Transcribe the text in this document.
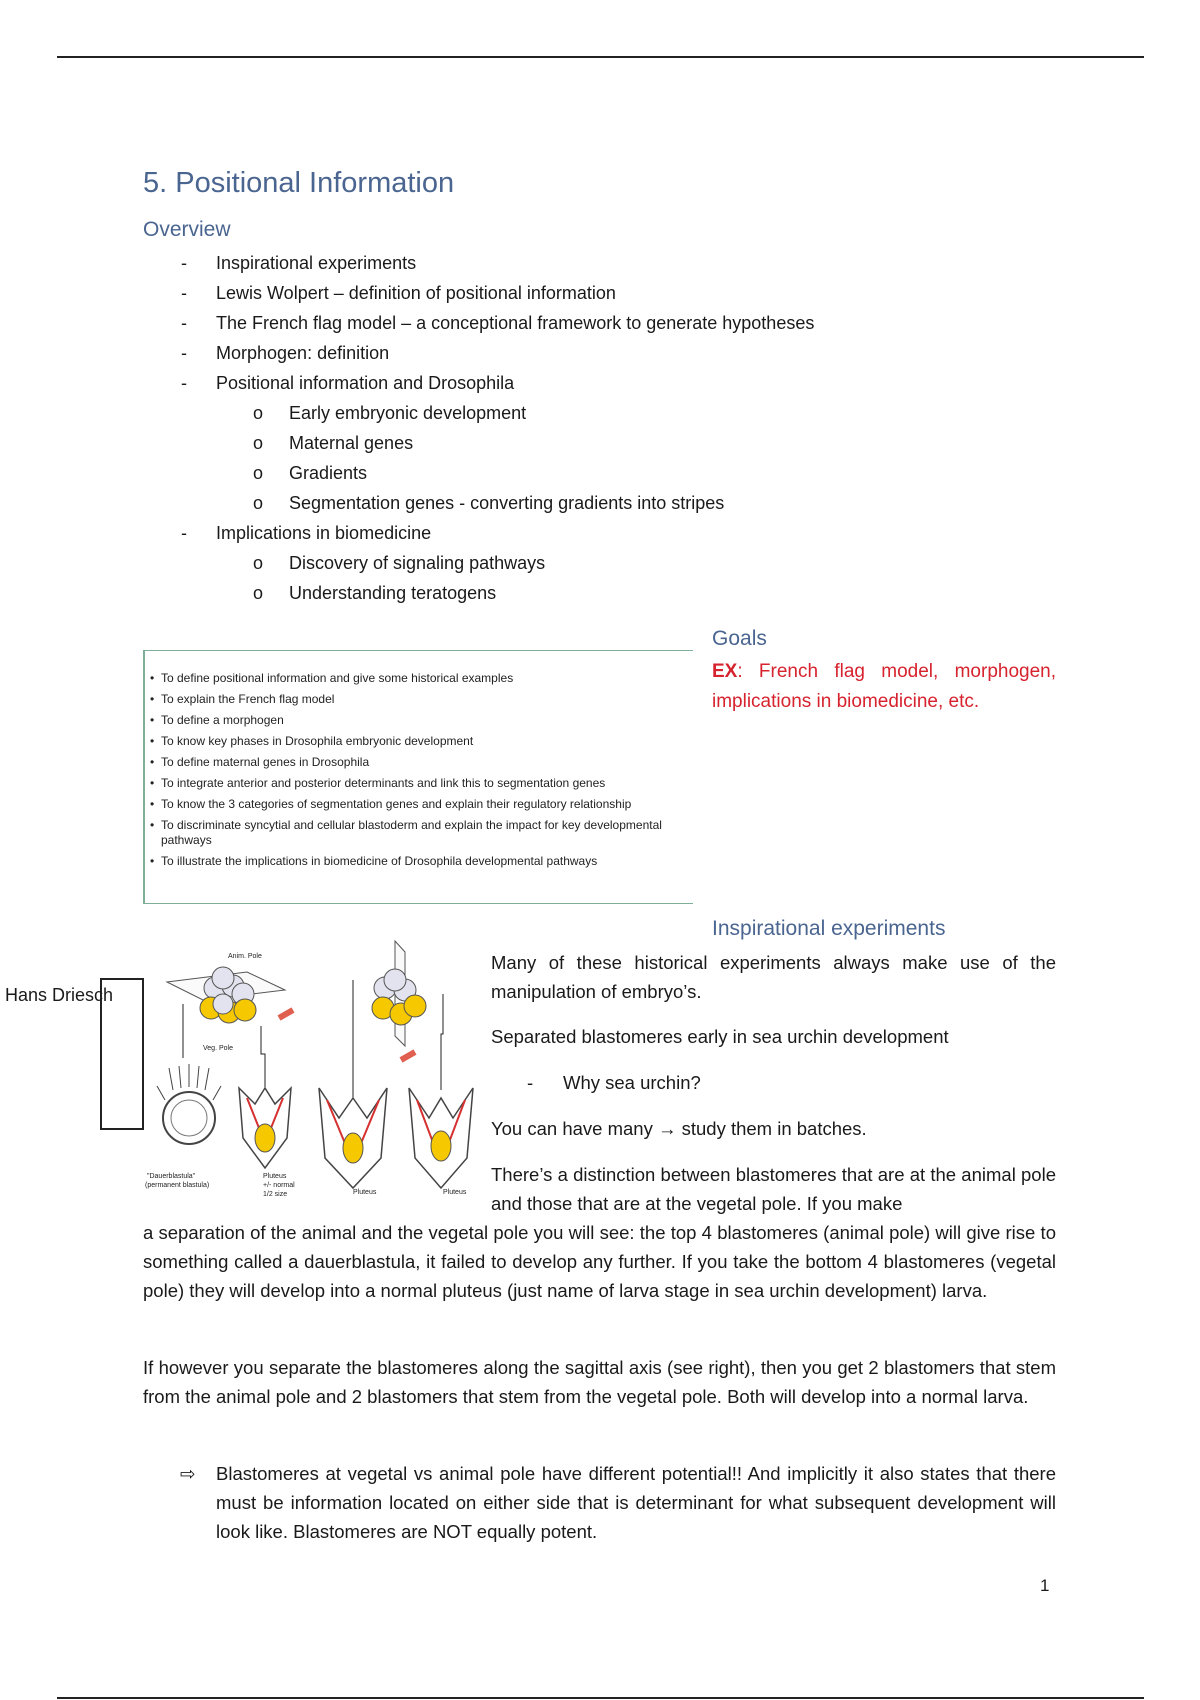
5. Positional Information
Overview
- Inspirational experiments
- Lewis Wolpert – definition of positional information
- The French flag model – a conceptional framework to generate hypotheses
- Morphogen: definition
- Positional information and Drosophila
o Early embryonic development
o Maternal genes
o Gradients
o Segmentation genes - converting gradients into stripes
- Implications in biomedicine
o Discovery of signaling pathways
o Understanding teratogens
• To define positional information and give some historical examples
• To explain the French flag model
• To define a morphogen
• To know key phases in Drosophila embryonic development
• To define maternal genes in Drosophila
• To integrate anterior and posterior determinants and link this to segmentation genes
• To know the 3 categories of segmentation genes and explain their regulatory relationship
• To discriminate syncytial and cellular blastoderm and explain the impact for key developmental pathways
• To illustrate the implications in biomedicine of Drosophila developmental pathways
Goals
EX: French flag model, morphogen, implications in biomedicine, etc.
Inspirational experiments
Hans Driesch
Anim. Pole
Veg. Pole
"Dauerblastula"
(permanent blastula)
Pluteus
+/- normal
1/2 size	Pluteus	Pluteus
Many of these historical experiments always make use of the manipulation of embryo’s.
Separated blastomeres early in sea urchin development
- Why sea urchin?
You can have many → study them in batches.
There’s a distinction between blastomeres that are at the animal pole and those that are at the vegetal pole. If you make
a separation of the animal and the vegetal pole you will see: the top 4 blastomeres (animal pole) will give rise to something called a dauerblastula, it failed to develop any further. If you take the bottom 4 blastomeres (vegetal pole) they will develop into a normal pluteus (just name of larva stage in sea urchin development) larva.
If however you separate the blastomeres along the sagittal axis (see right), then you get 2 blastomers that stem from the animal pole and 2 blastomers that stem from the vegetal pole. Both will develop into a normal larva.
⇨ Blastomeres at vegetal vs animal pole have different potential!! And implicitly it also states that there must be information located on either side that is determinant for what subsequent development will look like. Blastomeres are NOT equally potent.
1
